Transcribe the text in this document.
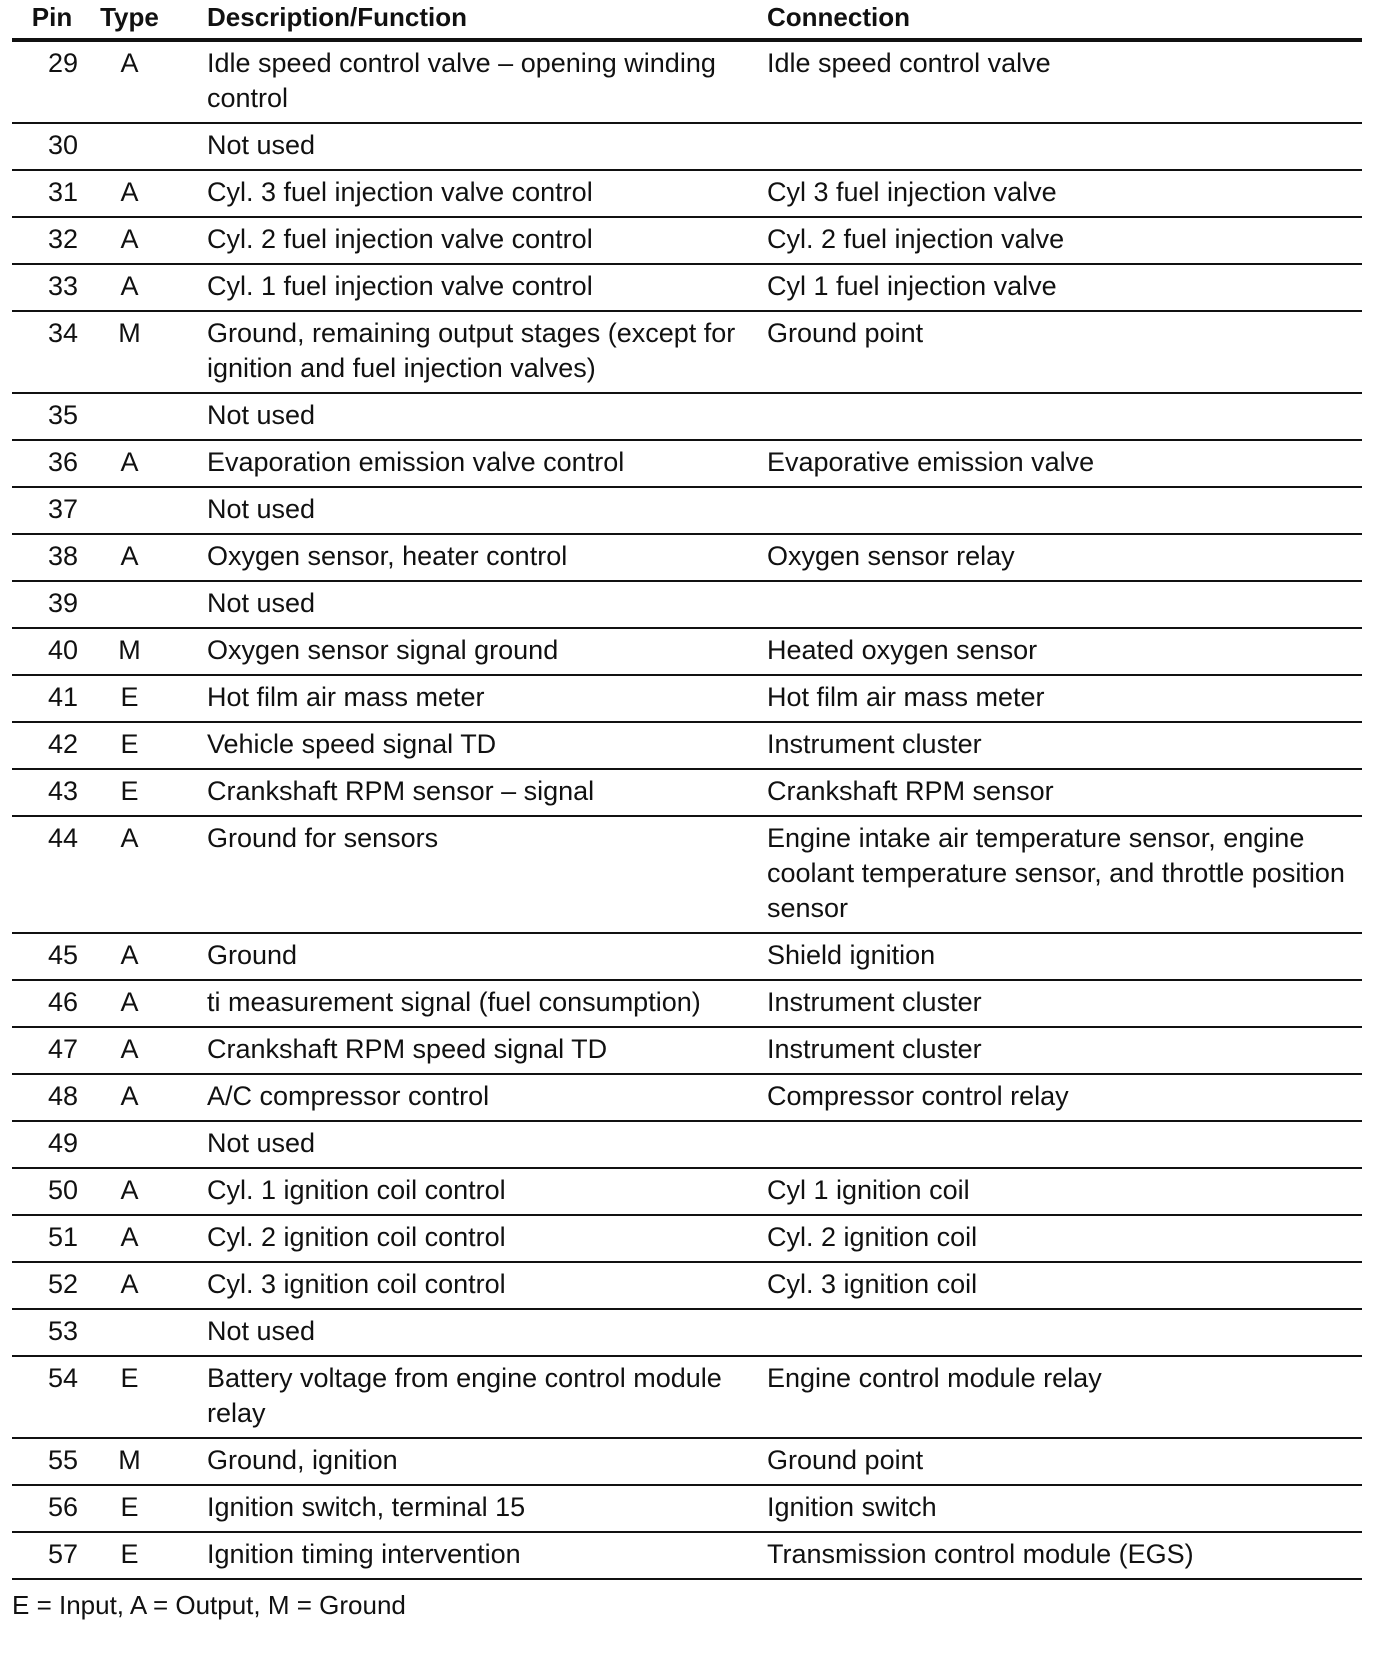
Pin	Type	Description/Function	Connection
29	A	Idle speed control valve – opening winding control	Idle speed control valve
30		Not used	
31	A	Cyl. 3 fuel injection valve control	Cyl 3 fuel injection valve
32	A	Cyl. 2 fuel injection valve control	Cyl. 2 fuel injection valve
33	A	Cyl. 1 fuel injection valve control	Cyl 1 fuel injection valve
34	M	Ground, remaining output stages (except for ignition and fuel injection valves)	Ground point
35		Not used	
36	A	Evaporation emission valve control	Evaporative emission valve
37		Not used	
38	A	Oxygen sensor, heater control	Oxygen sensor relay
39		Not used	
40	M	Oxygen sensor signal ground	Heated oxygen sensor
41	E	Hot film air mass meter	Hot film air mass meter
42	E	Vehicle speed signal TD	Instrument cluster
43	E	Crankshaft RPM sensor – signal	Crankshaft RPM sensor
44	A	Ground for sensors	Engine intake air temperature sensor, engine coolant temperature sensor, and throttle position sensor
45	A	Ground	Shield ignition
46	A	ti measurement signal (fuel consumption)	Instrument cluster
47	A	Crankshaft RPM speed signal TD	Instrument cluster
48	A	A/C compressor control	Compressor control relay
49		Not used	
50	A	Cyl. 1 ignition coil control	Cyl 1 ignition coil
51	A	Cyl. 2 ignition coil control	Cyl. 2 ignition coil
52	A	Cyl. 3 ignition coil control	Cyl. 3 ignition coil
53		Not used	
54	E	Battery voltage from engine control module relay	Engine control module relay
55	M	Ground, ignition	Ground point
56	E	Ignition switch, terminal 15	Ignition switch
57	E	Ignition timing intervention	Transmission control module (EGS)
E = Input, A = Output, M = Ground
